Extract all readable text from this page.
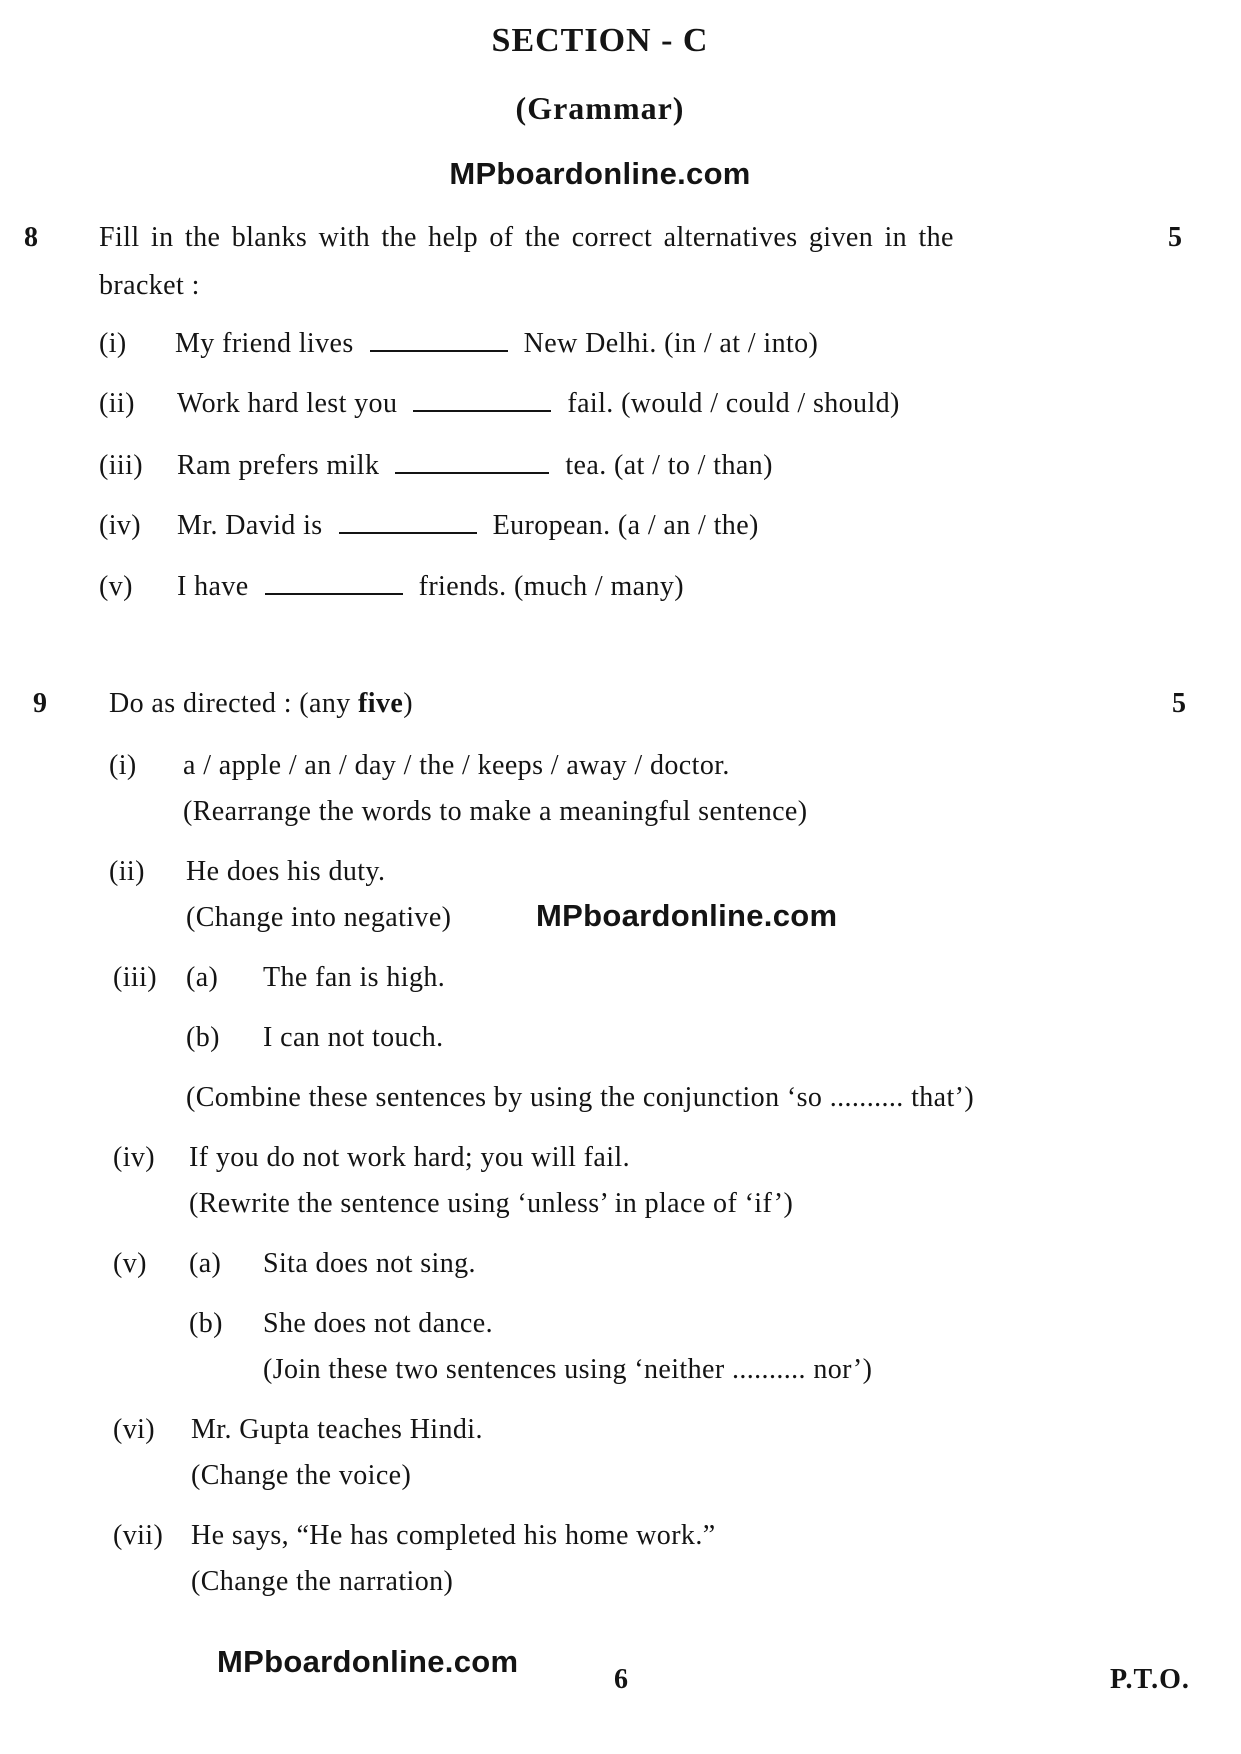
SECTION - C
(Grammar)
MPboardonline.com
8	5
Fill in the blanks with the help of the correct alternatives given in the
bracket :
(i) My friend lives	New Delhi. (in / at / into)
(ii) Work hard lest you	fail. (would / could / should)
(iii) Ram prefers milk	tea. (at / to / than)
(iv) Mr. David is	European. (a / an / the)
(v) I have	friends. (much / many)
9	5
Do as directed : (any five)
(i) a / apple / an / day / the / keeps / away / doctor.
(Rearrange the words to make a meaningful sentence)
(ii) He does his duty.
(Change into negative)	MPboardonline.com
(iii) (a) The fan is high.
(b) I can not touch.
(Combine these sentences by using the conjunction ‘so .......... that’)
(iv) If you do not work hard; you will fail.
(Rewrite the sentence using ‘unless’ in place of ‘if’)
(v) (a) Sita does not sing.
(b) She does not dance.
(Join these two sentences using ‘neither .......... nor’)
(vi) Mr. Gupta teaches Hindi.
(Change the voice)
(vii) He says, “He has completed his home work.”
(Change the narration)
MPboardonline.com
6	P.T.O.
